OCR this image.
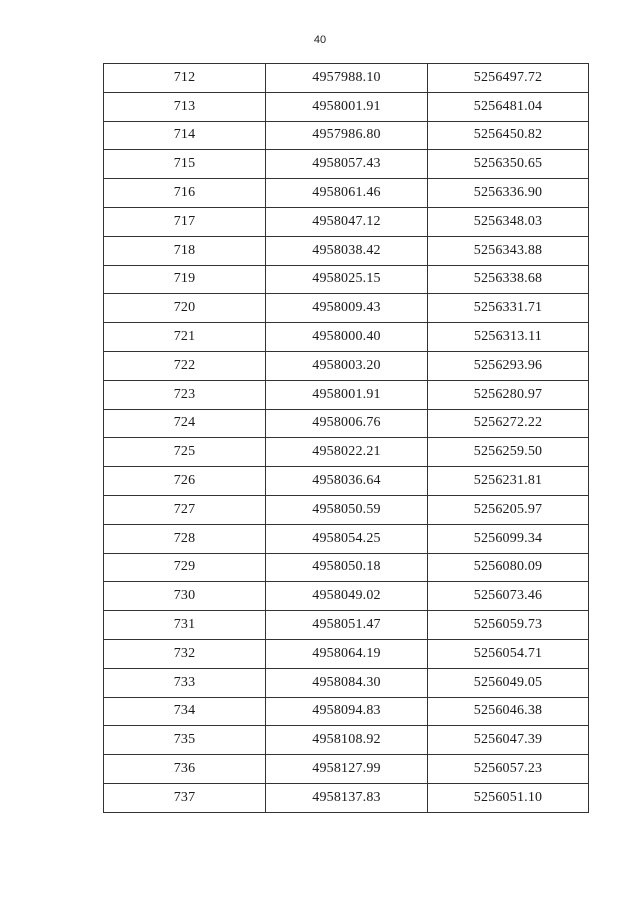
40
712	4957988.10	5256497.72
713	4958001.91	5256481.04
714	4957986.80	5256450.82
715	4958057.43	5256350.65
716	4958061.46	5256336.90
717	4958047.12	5256348.03
718	4958038.42	5256343.88
719	4958025.15	5256338.68
720	4958009.43	5256331.71
721	4958000.40	5256313.11
722	4958003.20	5256293.96
723	4958001.91	5256280.97
724	4958006.76	5256272.22
725	4958022.21	5256259.50
726	4958036.64	5256231.81
727	4958050.59	5256205.97
728	4958054.25	5256099.34
729	4958050.18	5256080.09
730	4958049.02	5256073.46
731	4958051.47	5256059.73
732	4958064.19	5256054.71
733	4958084.30	5256049.05
734	4958094.83	5256046.38
735	4958108.92	5256047.39
736	4958127.99	5256057.23
737	4958137.83	5256051.10
